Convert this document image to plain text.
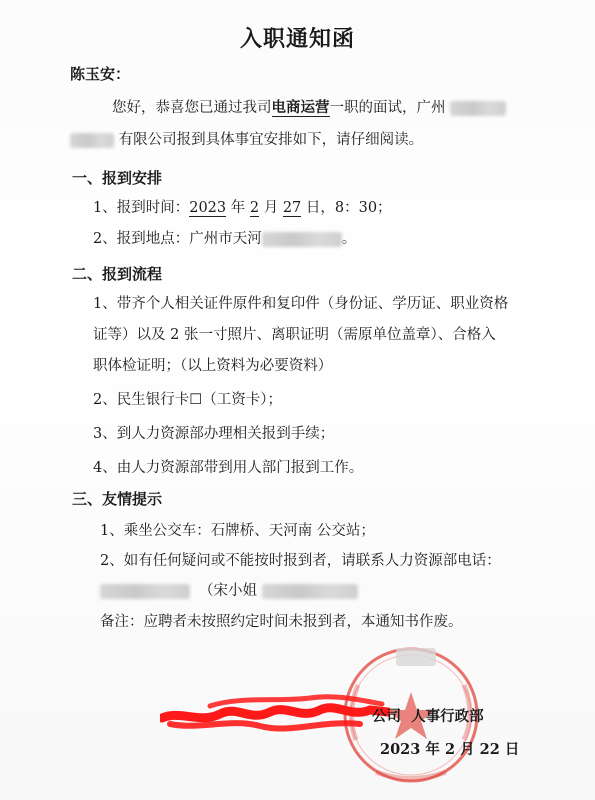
入职通知函
陈玉安：
您好，恭喜您已通过我司电商运营一职的面试，广州
有限公司报到具体事宜安排如下，请仔细阅读。
一、报到安排
1、报到时间：2023 年 2 月 27 日，8：30；
2、报到地点：广州市天河	。
二、报到流程
1、带齐个人相关证件原件和复印件（身份证、学历证、职业资格
证等）以及 2 张一寸照片、离职证明（需原单位盖章）、合格入
职体检证明；（以上资料为必要资料）
2、民生银行卡☐（工资卡）；
3、到人力资源部办理相关报到手续；
4、由人力资源部带到用人部门报到工作。
三、友情提示
1、乘坐公交车：石牌桥、天河南 公交站；
2、如有任何疑问或不能按时报到者，请联系人力资源部电话：
（宋小姐
备注：应聘者未按照约定时间未报到者，本通知书作废。
公司 人事行政部
2023 年 2 月 22 日
